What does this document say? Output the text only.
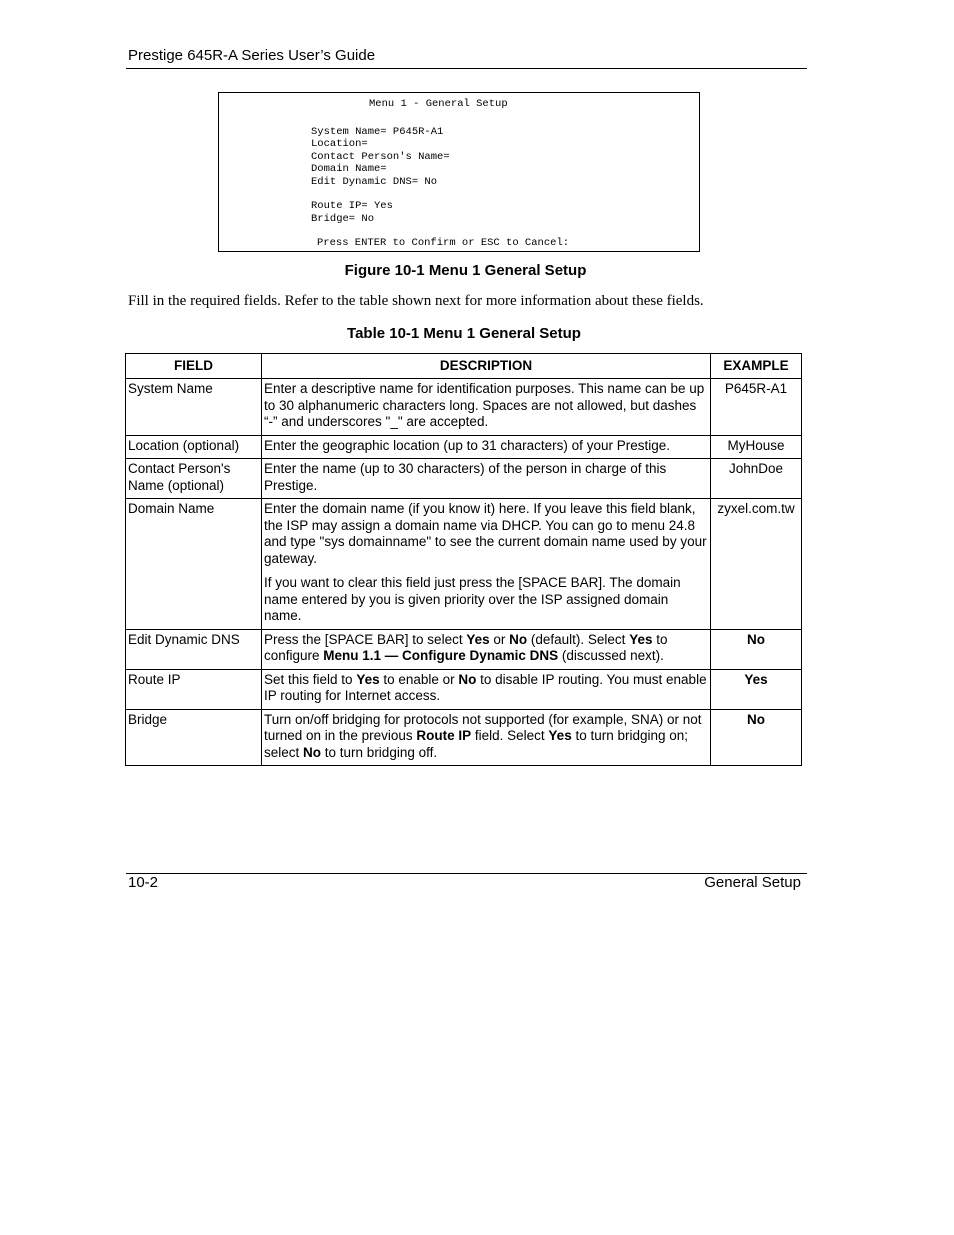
Prestige 645R-A Series User’s Guide
Menu 1 - General Setup
System Name= P645R-A1
Location=
Contact Person's Name=
Domain Name=
Edit Dynamic DNS= No
Route IP= Yes
Bridge= No
Press ENTER to Confirm or ESC to Cancel:
Figure 10-1 Menu 1 General Setup
Fill in the required fields. Refer to the table shown next for more information about these fields.
Table 10-1 Menu 1 General Setup
FIELD	DESCRIPTION	EXAMPLE
System Name	Enter a descriptive name for identification purposes. This name can be up to 30 alphanumeric characters long. Spaces are not allowed, but dashes “-” and underscores "_" are accepted.	P645R-A1
Location (optional)	Enter the geographic location (up to 31 characters) of your Prestige.	MyHouse
Contact Person's Name (optional)	Enter the name (up to 30 characters) of the person in charge of this Prestige.	JohnDoe
Domain Name	Enter the domain name (if you know it) here. If you leave this field blank, the ISP may assign a domain name via DHCP. You can go to menu 24.8 and type "sys domainname" to see the current domain name used by your gateway.

If you want to clear this field just press the [SPACE BAR]. The domain name entered by you is given priority over the ISP assigned domain name.	zyxel.com.tw
Edit Dynamic DNS	Press the [SPACE BAR] to select Yes or No (default). Select Yes to configure Menu 1.1 — Configure Dynamic DNS (discussed next).	No
Route IP	Set this field to Yes to enable or No to disable IP routing. You must enable IP routing for Internet access.	Yes
Bridge	Turn on/off bridging for protocols not supported (for example, SNA) or not turned on in the previous Route IP field. Select Yes to turn bridging on; select No to turn bridging off.	No
10-2	General Setup
